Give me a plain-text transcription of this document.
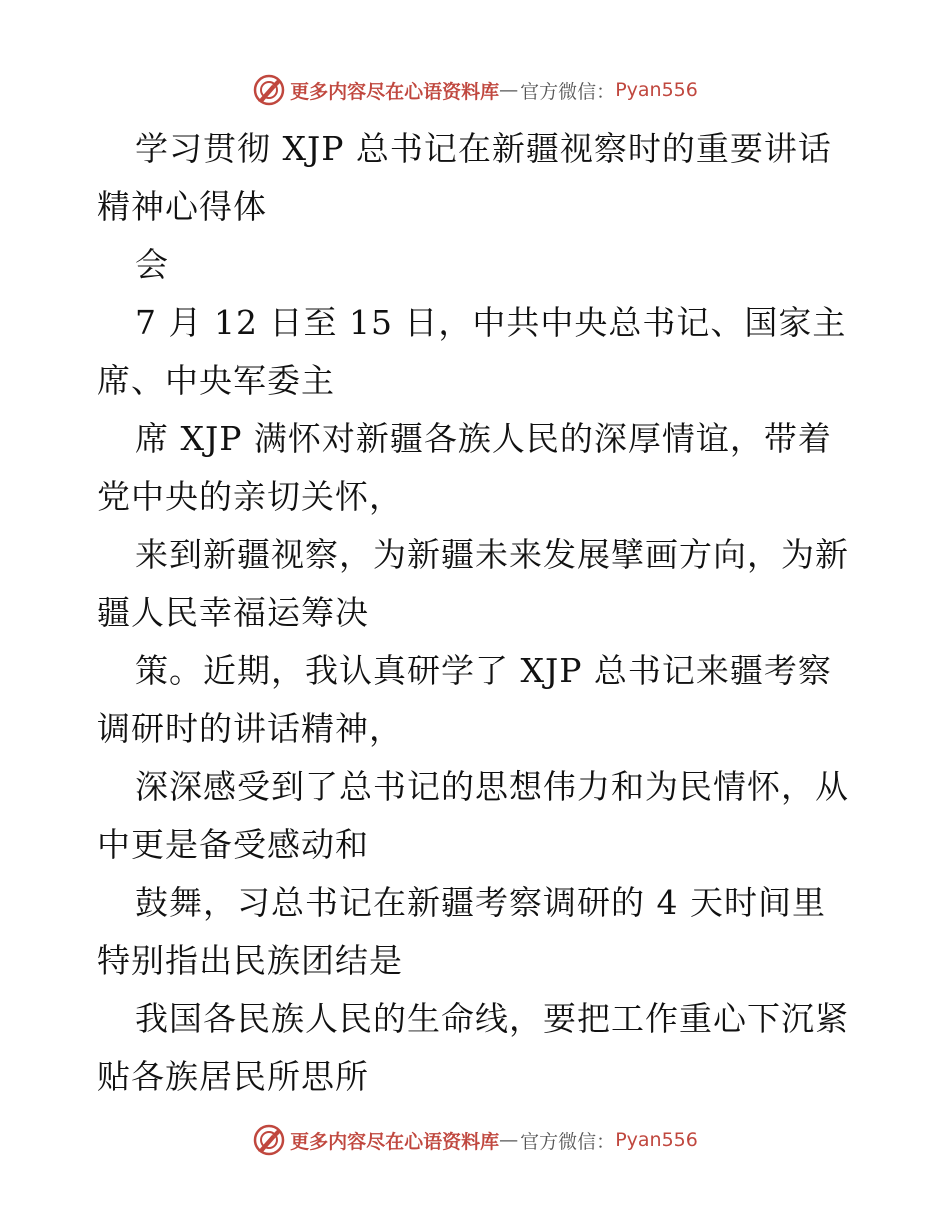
更多内容尽在心语资料库 — 官方微信： Pyan556
学习贯彻 XJP 总书记在新疆视察时的重要讲话
精神心得体
会
7 月 12 日至 15 日，中共中央总书记、国家主
席、中央军委主
席 XJP 满怀对新疆各族人民的深厚情谊，带着
党中央的亲切关怀，
来到新疆视察，为新疆未来发展擘画方向，为新
疆人民幸福运筹决
策。近期，我认真研学了 XJP 总书记来疆考察
调研时的讲话精神，
深深感受到了总书记的思想伟力和为民情怀，从
中更是备受感动和
鼓舞，习总书记在新疆考察调研的 4 天时间里
特别指出民族团结是
我国各民族人民的生命线，要把工作重心下沉紧
贴各族居民所思所
更多内容尽在心语资料库 — 官方微信： Pyan556
